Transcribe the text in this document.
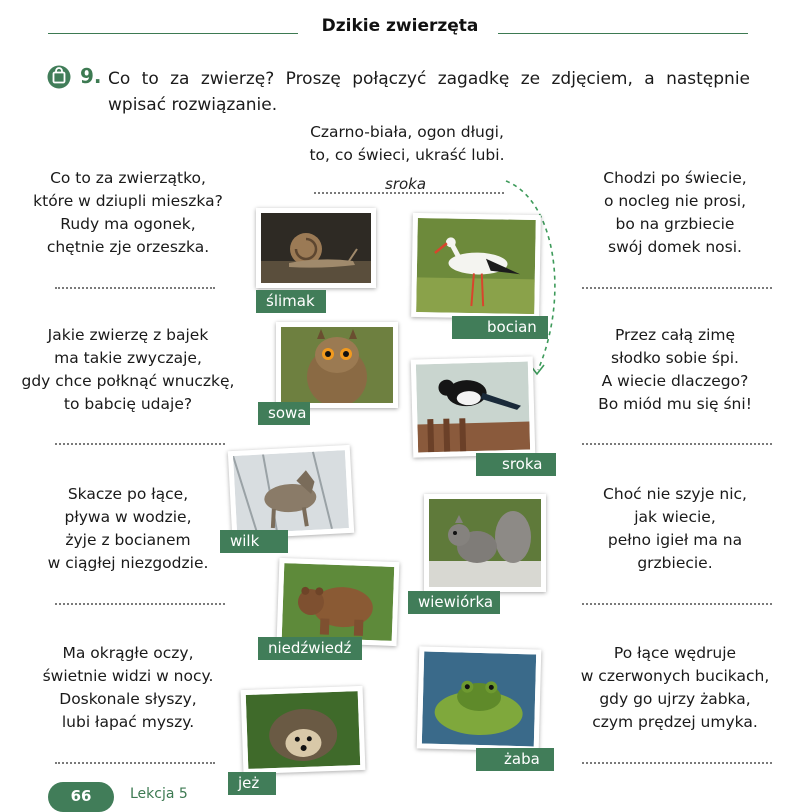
Dzikie zwierzęta
9. Co to za zwierzę? Proszę połączyć zagadkę ze zdjęciem, a następnie wpisać rozwiązanie.
Czarno-biała, ogon długi,
to, co świeci, ukraść lubi.
sroka
Co to za zwierzątko,
które w dziupli mieszka?
Rudy ma ogonek,
chętnie zje orzeszka.
Jakie zwierzę z bajek
ma takie zwyczaje,
gdy chce połknąć wnuczkę,
to babcię udaje?
Skacze po łące,
pływa w wodzie,
żyje z bocianem
w ciągłej niezgodzie.
Ma okrągłe oczy,
świetnie widzi w nocy.
Doskonale słyszy,
lubi łapać myszy.
Chodzi po świecie,
o nocleg nie prosi,
bo na grzbiecie
swój domek nosi.
Przez całą zimę
słodko sobie śpi.
A wiecie dlaczego?
Bo miód mu się śni!
Choć nie szyje nic,
jak wiecie,
pełno igieł ma na
grzbiecie.
Po łące wędruje
w czerwonych bucikach,
gdy go ujrzy żabka,
czym prędzej umyka.
ślimak
bocian
sowa
sroka
wilk
wiewiórka
niedźwiedź
jeż
żaba
66	Lekcja 5
